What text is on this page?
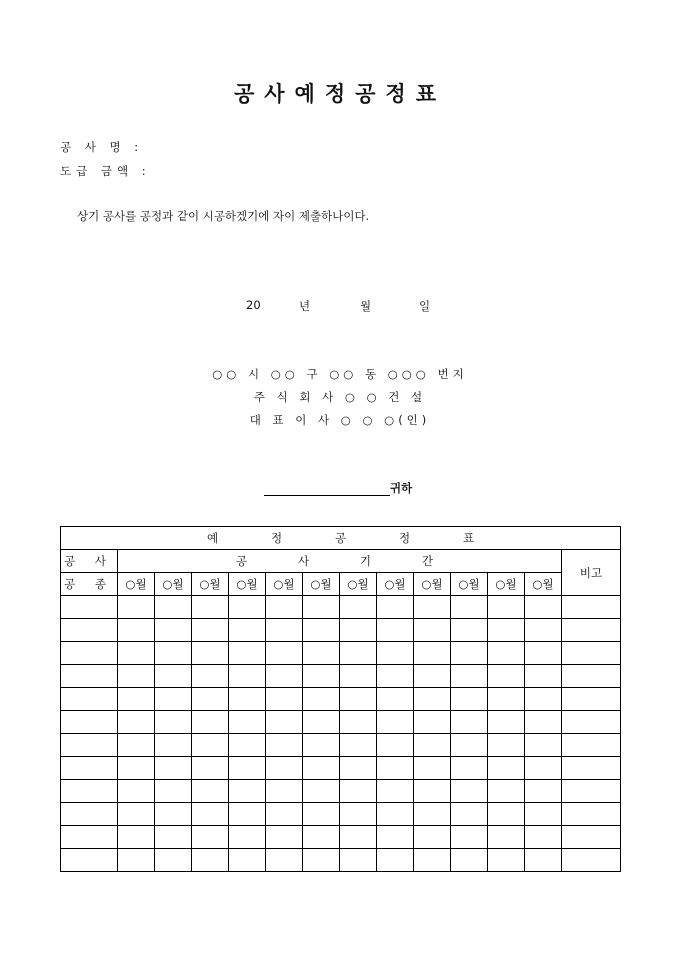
공사예정공정표
공 사 명 :
도급 금액 :
상기 공사를 공정과 같이 시공하겠기에 자이 제출하나이다.
20	년	월	일
○○ 시 ○○ 구 ○○ 동 ○○○ 번지
주 식 회 사 ○ ○ 건 설
대 표 이 사 ○ ○ ○(인)
귀하
예 정 공 정 표													

공 사	공 사 기 간												비고
공 종	○월	○월	○월	○월	○월	○월	○월	○월	○월	○월	○월	○월	
